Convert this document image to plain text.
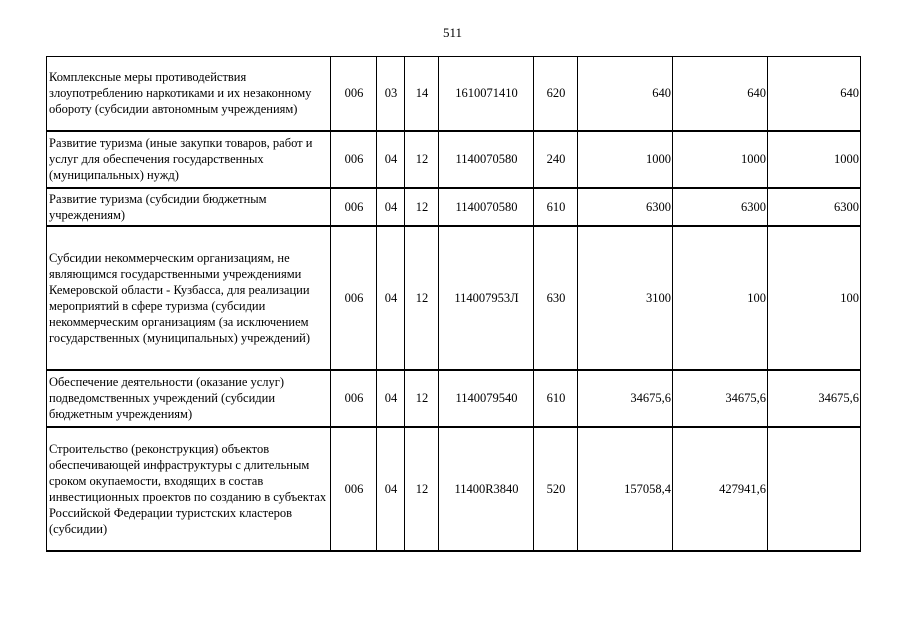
511
Комплексные меры противодействия злоупотреблению наркотиками и их незаконному обороту (субсидии автономным учреждениям)	006	03	14	1610071410	620	640	640	640
Развитие туризма (иные закупки товаров, работ и услуг для обеспечения государственных (муниципальных) нужд)	006	04	12	1140070580	240	1000	1000	1000
Развитие туризма (субсидии бюджетным учреждениям)	006	04	12	1140070580	610	6300	6300	6300
Субсидии некоммерческим организациям, не являющимся государственными учреждениями Кемеровской области - Кузбасса, для реализации мероприятий в сфере туризма (субсидии некоммерческим организациям (за исключением государственных (муниципальных) учреждений)	006	04	12	114007953Л	630	3100	100	100
Обеспечение деятельности (оказание услуг) подведомственных учреждений (субсидии бюджетным учреждениям)	006	04	12	1140079540	610	34675,6	34675,6	34675,6
Строительство (реконструкция) объектов обеспечивающей инфраструктуры с длительным сроком окупаемости, входящих в состав инвестиционных проектов по созданию в субъектах Российской Федерации туристских кластеров (субсидии)	006	04	12	11400R3840	520	157058,4	427941,6	
